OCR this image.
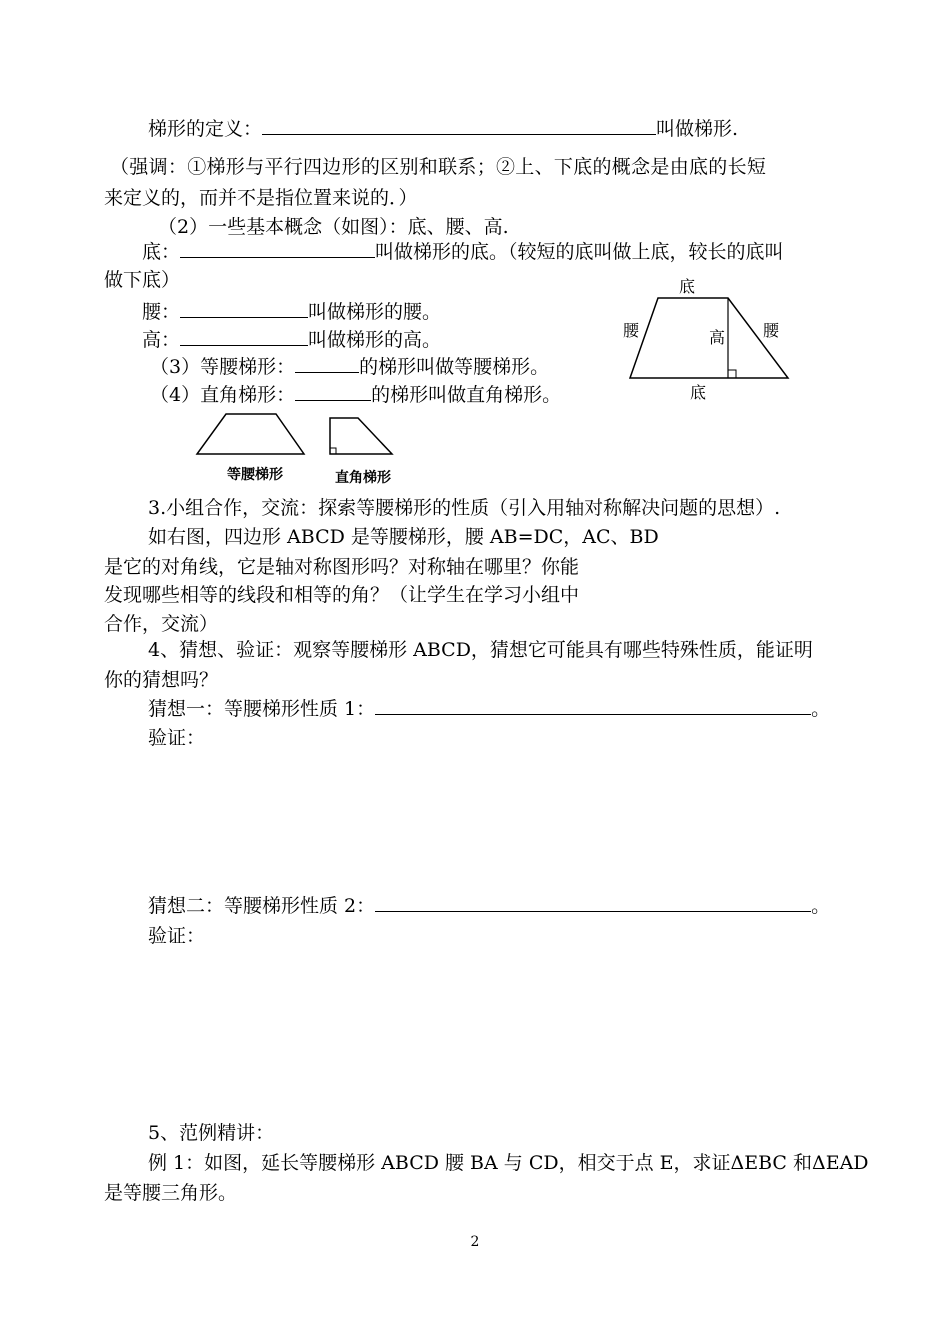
梯形的定义：	叫做梯形.
（强调：①梯形与平行四边形的区别和联系；②上、下底的概念是由底的长短
来定义的，而并不是指位置来说的．）
（2）一些基本概念（如图）：底、腰、高.
底：	叫做梯形的底。（较短的底叫做上底，较长的底叫
做下底）
腰：	叫做梯形的腰。
高：	叫做梯形的高。
（3）等腰梯形：	的梯形叫做等腰梯形。
（4）直角梯形：	的梯形叫做直角梯形。
底
底
腰	腰
高
等腰梯形	直角梯形
3.小组合作，交流：探索等腰梯形的性质（引入用轴对称解决问题的思想）.
如右图，四边形 ABCD 是等腰梯形，腰 AB=DC，AC、BD
是它的对角线，它是轴对称图形吗？对称轴在哪里？你能
发现哪些相等的线段和相等的角？（让学生在学习小组中
合作，交流）
4、猜想、验证：观察等腰梯形 ABCD，猜想它可能具有哪些特殊性质，能证明
你的猜想吗？
猜想一：等腰梯形性质 1：	。
验证：
猜想二：等腰梯形性质 2：	。
验证：
5、范例精讲：
例 1：如图，延长等腰梯形 ABCD 腰 BA 与 CD，相交于点 E，求证ΔEBC 和ΔEAD
是等腰三角形。
2
